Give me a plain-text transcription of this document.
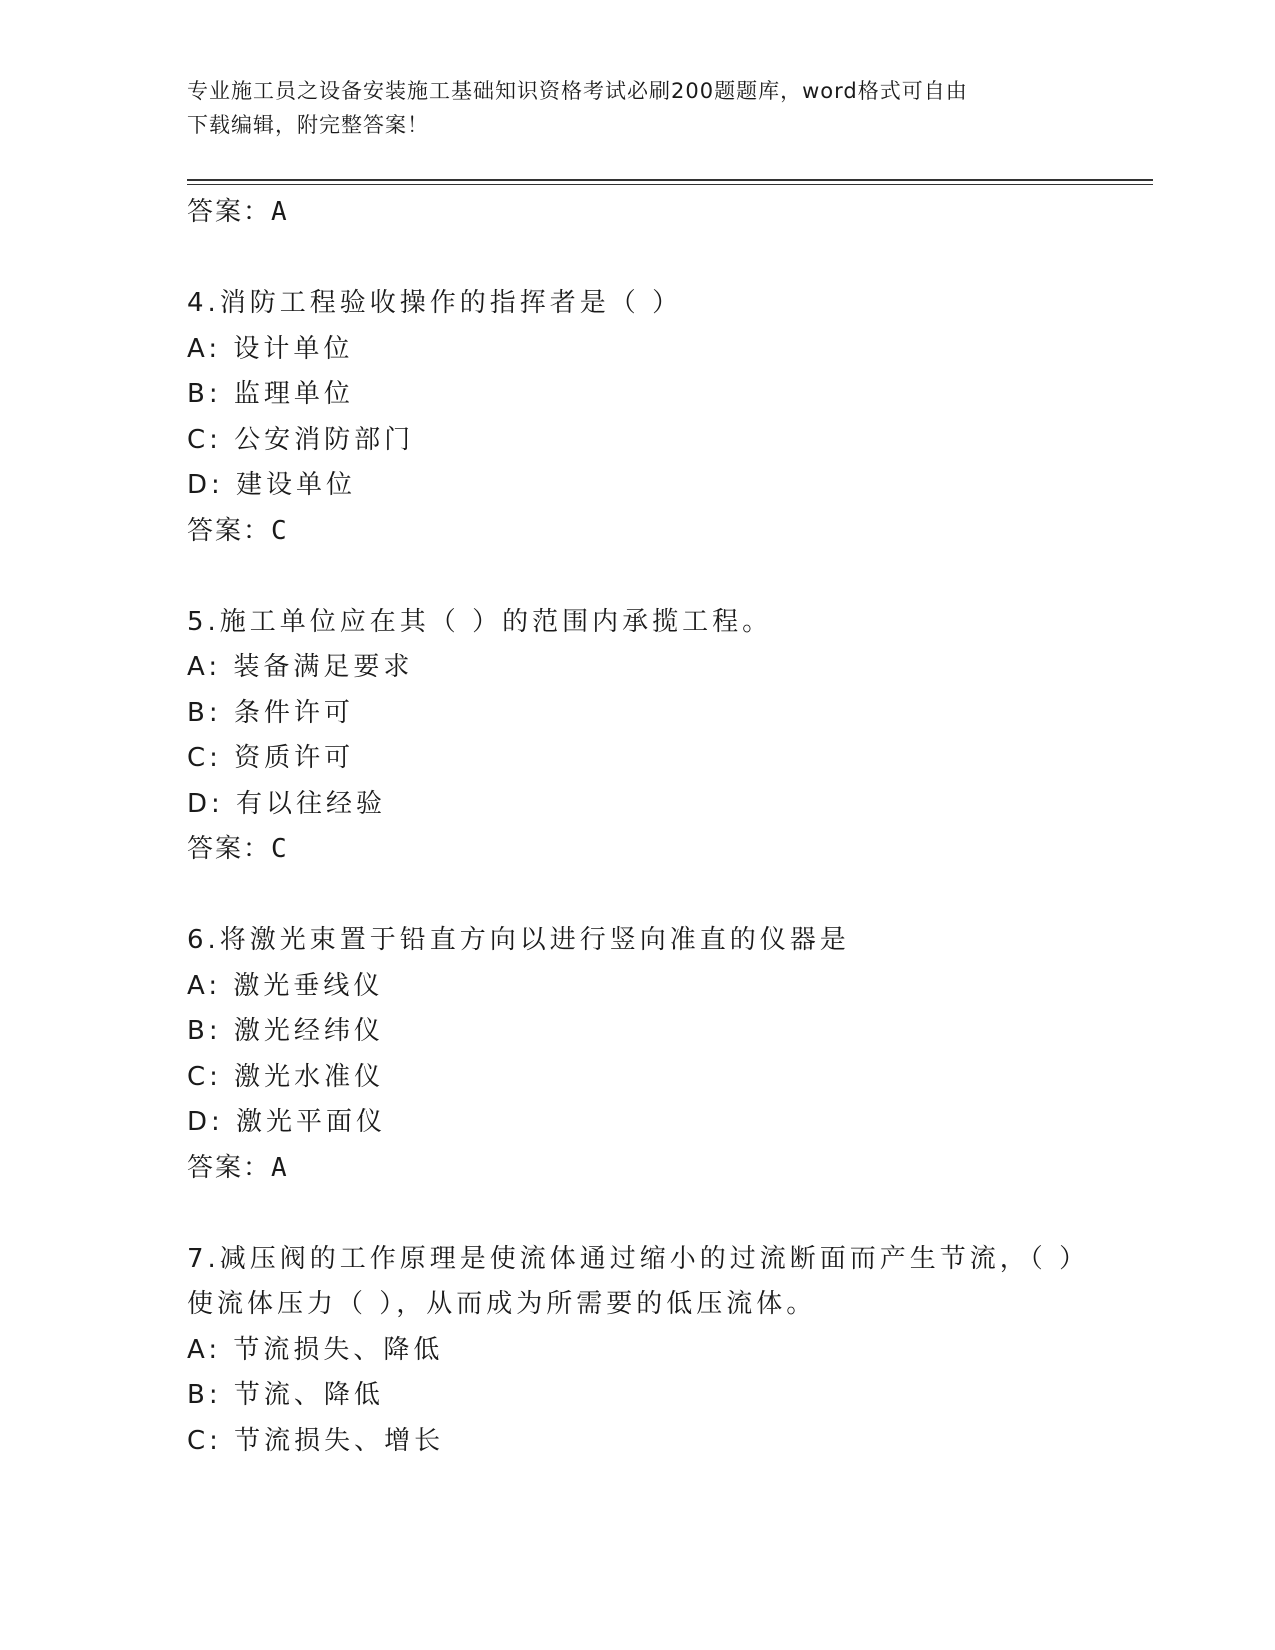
专业施工员之设备安装施工基础知识资格考试必刷200题题库，word格式可自由
下载编辑，附完整答案！
答案：A
4.消防工程验收操作的指挥者是（ ）
A: 设计单位
B: 监理单位
C: 公安消防部门
D: 建设单位
答案：C
5.施工单位应在其（ ）的范围内承揽工程。
A: 装备满足要求
B: 条件许可
C: 资质许可
D: 有以往经验
答案：C
6.将激光束置于铅直方向以进行竖向准直的仪器是
A: 激光垂线仪
B: 激光经纬仪
C: 激光水准仪
D: 激光平面仪
答案：A
7.减压阀的工作原理是使流体通过缩小的过流断面而产生节流，（ ）
使流体压力（ ），从而成为所需要的低压流体。
A: 节流损失、降低
B: 节流、降低
C: 节流损失、增长
